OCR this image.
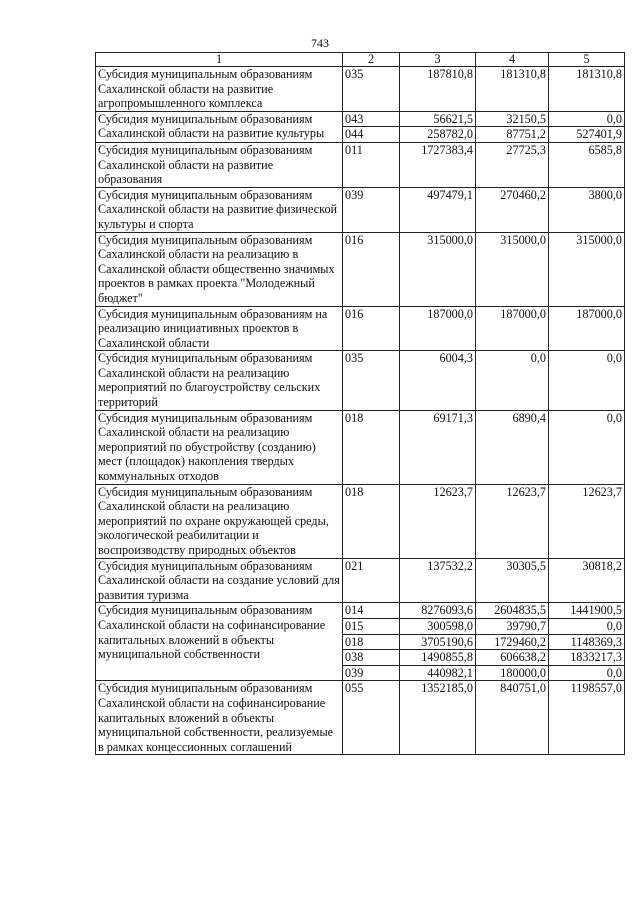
743
1	2	3	4	5
Субсидия муниципальным образованиям Сахалинской области на развитие агропромышленного комплекса	035	187810,8	181310,8	181310,8
Субсидия муниципальным образованиям Сахалинской области на развитие культуры	043	56621,5	32150,5	0,0
	044	258782,0	87751,2	527401,9
Субсидия муниципальным образованиям Сахалинской области на развитие образования	011	1727383,4	27725,3	6585,8
Субсидия муниципальным образованиям Сахалинской области на развитие физической культуры и спорта	039	497479,1	270460,2	3800,0
Субсидия муниципальным образованиям Сахалинской области на реализацию в Сахалинской области общественно значимых проектов в рамках проекта "Молодежный бюджет"	016	315000,0	315000,0	315000,0
Субсидия муниципальным образованиям на реализацию инициативных проектов в Сахалинской области	016	187000,0	187000,0	187000,0
Субсидия муниципальным образованиям Сахалинской области на реализацию мероприятий по благоустройству сельских территорий	035	6004,3	0,0	0,0
Субсидия муниципальным образованиям Сахалинской области на реализацию мероприятий по обустройству (созданию) мест (площадок) накопления твердых коммунальных отходов	018	69171,3	6890,4	0,0
Субсидия муниципальным образованиям Сахалинской области на реализацию мероприятий по охране окружающей среды, экологической реабилитации и воспроизводству природных объектов	018	12623,7	12623,7	12623,7
Субсидия муниципальным образованиям Сахалинской области на создание условий для развития туризма	021	137532,2	30305,5	30818,2
Субсидия муниципальным образованиям Сахалинской области на софинансирование капитальных вложений в объекты муниципальной собственности	014	8276093,6	2604835,5	1441900,5
	015	300598,0	39790,7	0,0
	018	3705190,6	1729460,2	1148369,3
	038	1490855,8	606638,2	1833217,3
	039	440982,1	180000,0	0,0
Субсидия муниципальным образованиям Сахалинской области на софинансирование капитальных вложений в объекты муниципальной собственности, реализуемые в рамках концессионных соглашений	055	1352185,0	840751,0	1198557,0
